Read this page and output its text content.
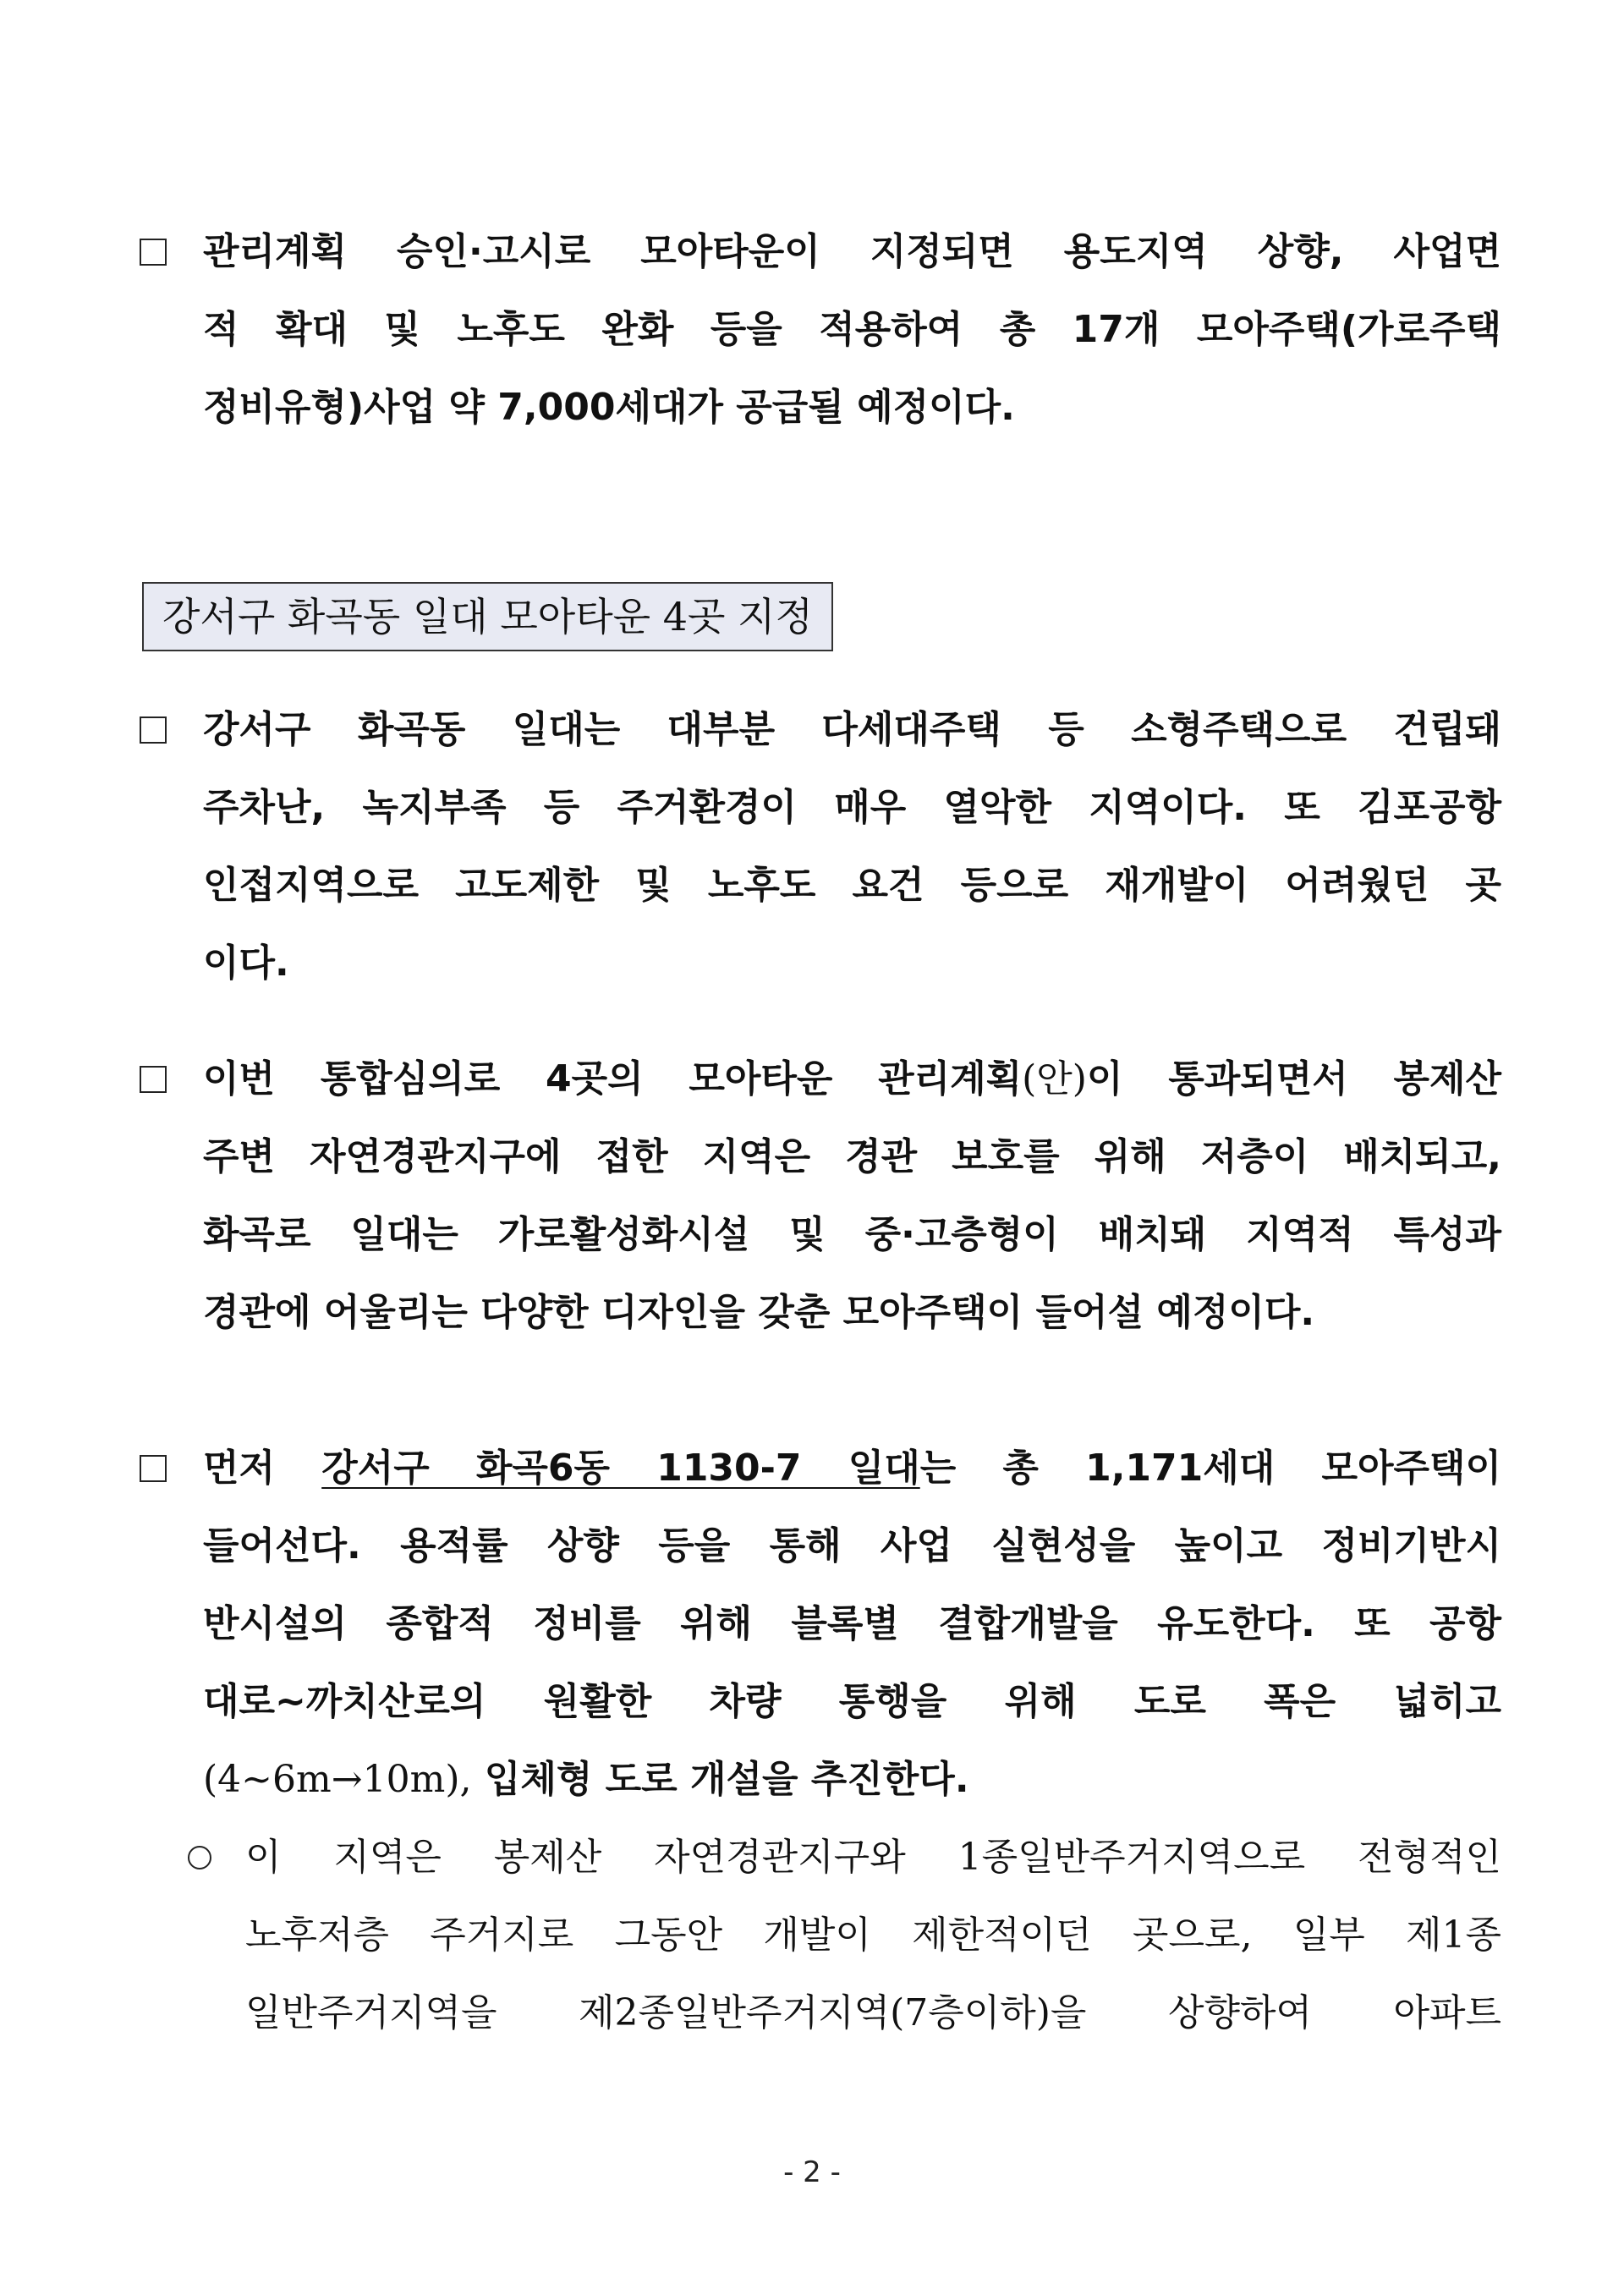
관리계획 승인·고시로 모아타운이 지정되면 용도지역 상향, 사업면
적 확대 및 노후도 완화 등을 적용하여 총 17개 모아주택(가로주택
정비유형)사업 약 7,000세대가 공급될 예정이다.
강서구 화곡동 일대 모아타운 4곳 지정
강서구 화곡동 일대는 대부분 다세대주택 등 소형주택으로 건립돼
주차난, 녹지부족 등 주거환경이 매우 열악한 지역이다. 또 김포공항
인접지역으로 고도제한 및 노후도 요건 등으로 재개발이 어려웠던 곳
이다.
이번 통합심의로 4곳의 모아타운 관리계획(안)이 통과되면서 봉제산
주변 자연경관지구에 접한 지역은 경관 보호를 위해 저층이 배치되고,
화곡로 일대는 가로활성화시설 및 중·고층형이 배치돼 지역적 특성과
경관에 어울리는 다양한 디자인을 갖춘 모아주택이 들어설 예정이다.
먼저 강서구 화곡6동 1130-7 일대는 총 1,171세대 모아주택이
들어선다. 용적률 상향 등을 통해 사업 실현성을 높이고 정비기반시
반시설의 종합적 정비를 위해 블록별 결합개발을 유도한다. 또 공항
대로~까치산로의 원활한 차량 통행을 위해 도로 폭은 넓히고
(4~6m→10m), 입체형 도로 개설을 추진한다.
이 지역은 봉제산 자연경관지구와 1종일반주거지역으로 전형적인
노후저층 주거지로 그동안 개발이 제한적이던 곳으로, 일부 제1종
일반주거지역을 제2종일반주거지역(7층이하)을 상향하여 아파트
- 2 -
